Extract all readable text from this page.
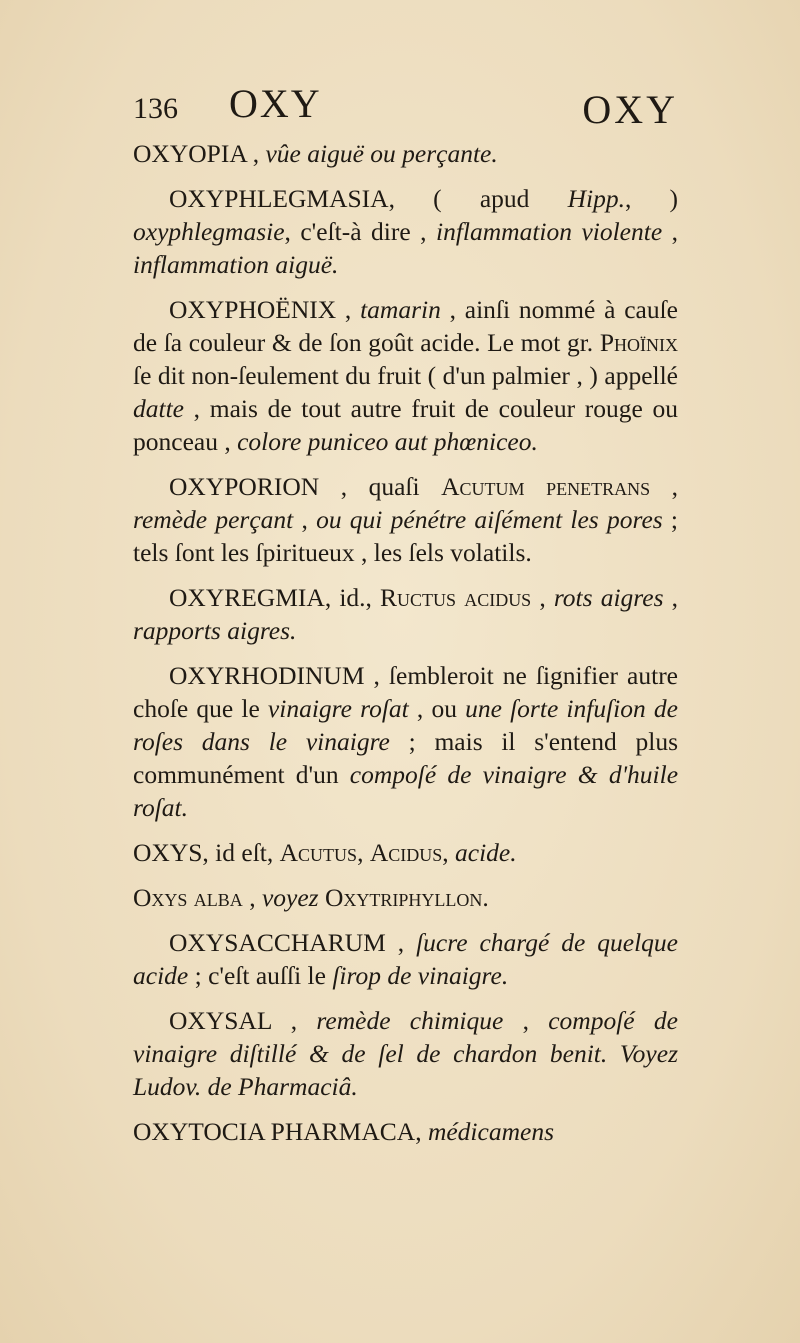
136 OXY	OXY

OXYOPIA , vûe aiguë ou perçante.

OXYPHLEGMASIA, ( apud Hipp., ) oxyphlegmasie, c'eſt-à dire , inflammation violente , inflammation aiguë.

OXYPHOËNIX , tamarin , ainſi nommé à cauſe de ſa couleur & de ſon goût acide. Le mot gr. Phoïnix ſe dit non-ſeulement du fruit ( d'un palmier , ) appellé datte , mais de tout autre fruit de couleur rouge ou ponceau , colore puniceo aut phœniceo.

OXYPORION , quaſi Acutum penetrans , remède perçant , ou qui pénétre aiſément les pores ; tels ſont les ſpiritueux , les ſels volatils.

OXYREGMIA, id., Ructus acidus , rots aigres , rapports aigres.

OXYRHODINUM , ſembleroit ne ſignifier autre choſe que le vinaigre roſat , ou une ſorte infuſion de roſes dans le vinaigre ; mais il s'entend plus communément d'un compoſé de vinaigre & d'huile roſat.

OXYS, id eſt, Acutus, Acidus, acide.

Oxys alba , voyez Oxytriphyllon.

OXYSACCHARUM , ſucre chargé de quelque acide ; c'eſt auſſi le ſirop de vinaigre.

OXYSAL , remède chimique , compoſé de vinaigre diſtillé & de ſel de chardon benit. Voyez Ludov. de Pharmaciâ.

OXYTOCIA PHARMACA, médicamens
